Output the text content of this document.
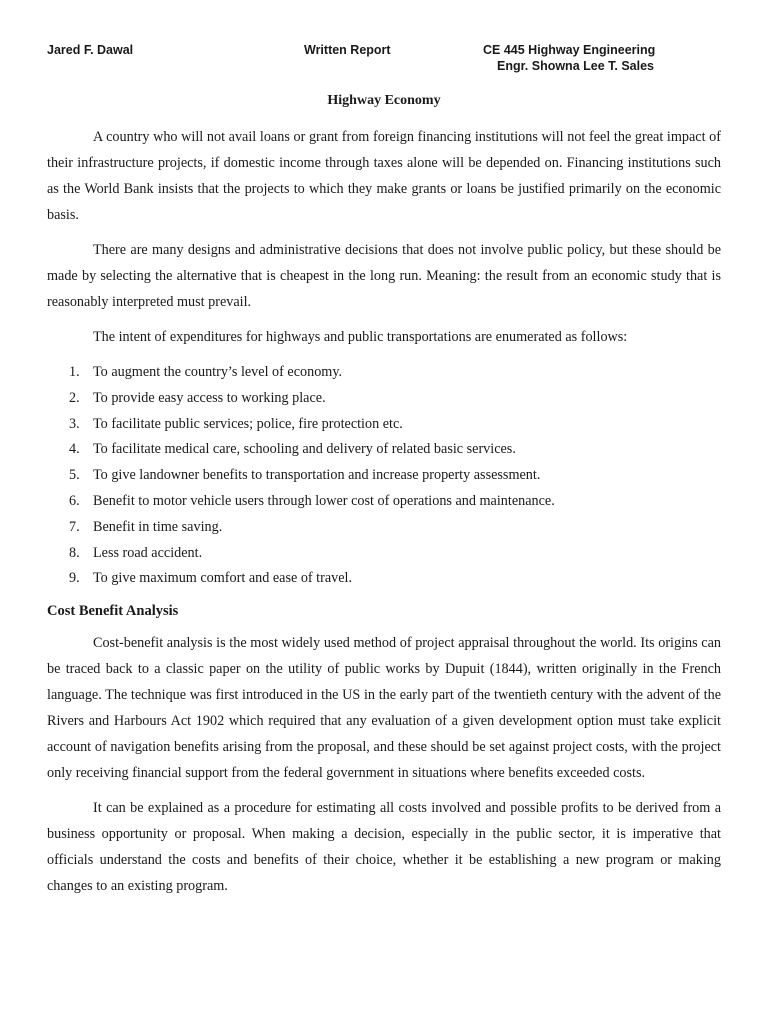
Jared F. Dawal	Written Report	CE 445 Highway Engineering
Engr. Showna Lee T. Sales
Highway Economy

A country who will not avail loans or grant from foreign financing institutions will not feel the great impact of their infrastructure projects, if domestic income through taxes alone will be depended on. Financing institutions such as the World Bank insists that the projects to which they make grants or loans be justified primarily on the economic basis.

There are many designs and administrative decisions that does not involve public policy, but these should be made by selecting the alternative that is cheapest in the long run. Meaning: the result from an economic study that is reasonably interpreted must prevail.

The intent of expenditures for highways and public transportations are enumerated as follows:

1. To augment the country’s level of economy.
2. To provide easy access to working place.
3. To facilitate public services; police, fire protection etc.
4. To facilitate medical care, schooling and delivery of related basic services.
5. To give landowner benefits to transportation and increase property assessment.
6. Benefit to motor vehicle users through lower cost of operations and maintenance.
7. Benefit in time saving.
8. Less road accident.
9. To give maximum comfort and ease of travel.
Cost Benefit Analysis

Cost-benefit analysis is the most widely used method of project appraisal throughout the world. Its origins can be traced back to a classic paper on the utility of public works by Dupuit (1844), written originally in the French language. The technique was first introduced in the US in the early part of the twentieth century with the advent of the Rivers and Harbours Act 1902 which required that any evaluation of a given development option must take explicit account of navigation benefits arising from the proposal, and these should be set against project costs, with the project only receiving financial support from the federal government in situations where benefits exceeded costs.

It can be explained as a procedure for estimating all costs involved and possible profits to be derived from a business opportunity or proposal. When making a decision, especially in the public sector, it is imperative that officials understand the costs and benefits of their choice, whether it be establishing a new program or making changes to an existing program.
